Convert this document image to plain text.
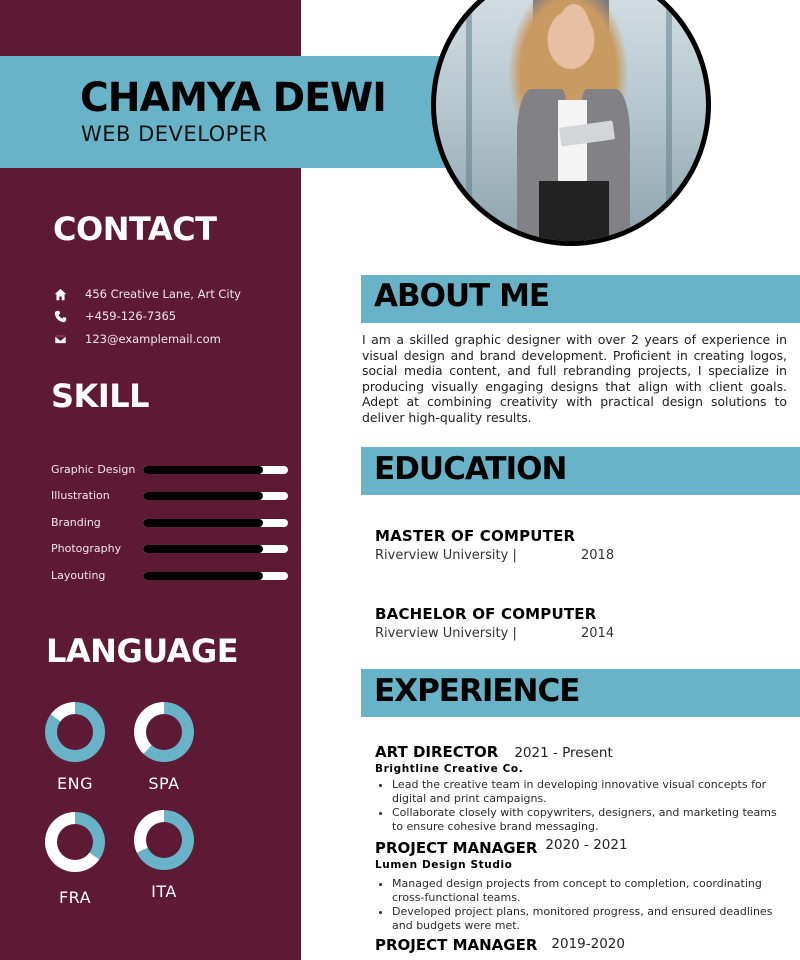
CHAMYA DEWI
WEB DEVELOPER
CONTACT
456 Creative Lane, Art City
+459-126-7365
123@examplemail.com
SKILL
Graphic Design
Illustration
Branding
Photography
Layouting
LANGUAGE
ENG	SPA
FRA	ITA
ABOUT ME
I am a skilled graphic designer with over 2 years of experience in visual design and brand development. Proficient in creating logos, social media content, and full rebranding projects, I specialize in producing visually engaging designs that align with client goals. Adept at combining creativity with practical design solutions to deliver high-quality results.
EDUCATION
MASTER OF COMPUTER
Riverview University |	2018
BACHELOR OF COMPUTER
Riverview University |	2014
EXPERIENCE
ART DIRECTOR 2021 - Present
Brightline Creative Co.
• Lead the creative team in developing innovative visual concepts for digital and print campaigns.
• Collaborate closely with copywriters, designers, and marketing teams to ensure cohesive brand messaging.
PROJECT MANAGER 2020 - 2021
Lumen Design Studio
• Managed design projects from concept to completion, coordinating cross-functional teams.
• Developed project plans, monitored progress, and ensured deadlines and budgets were met.
PROJECT MANAGER 2019-2020
